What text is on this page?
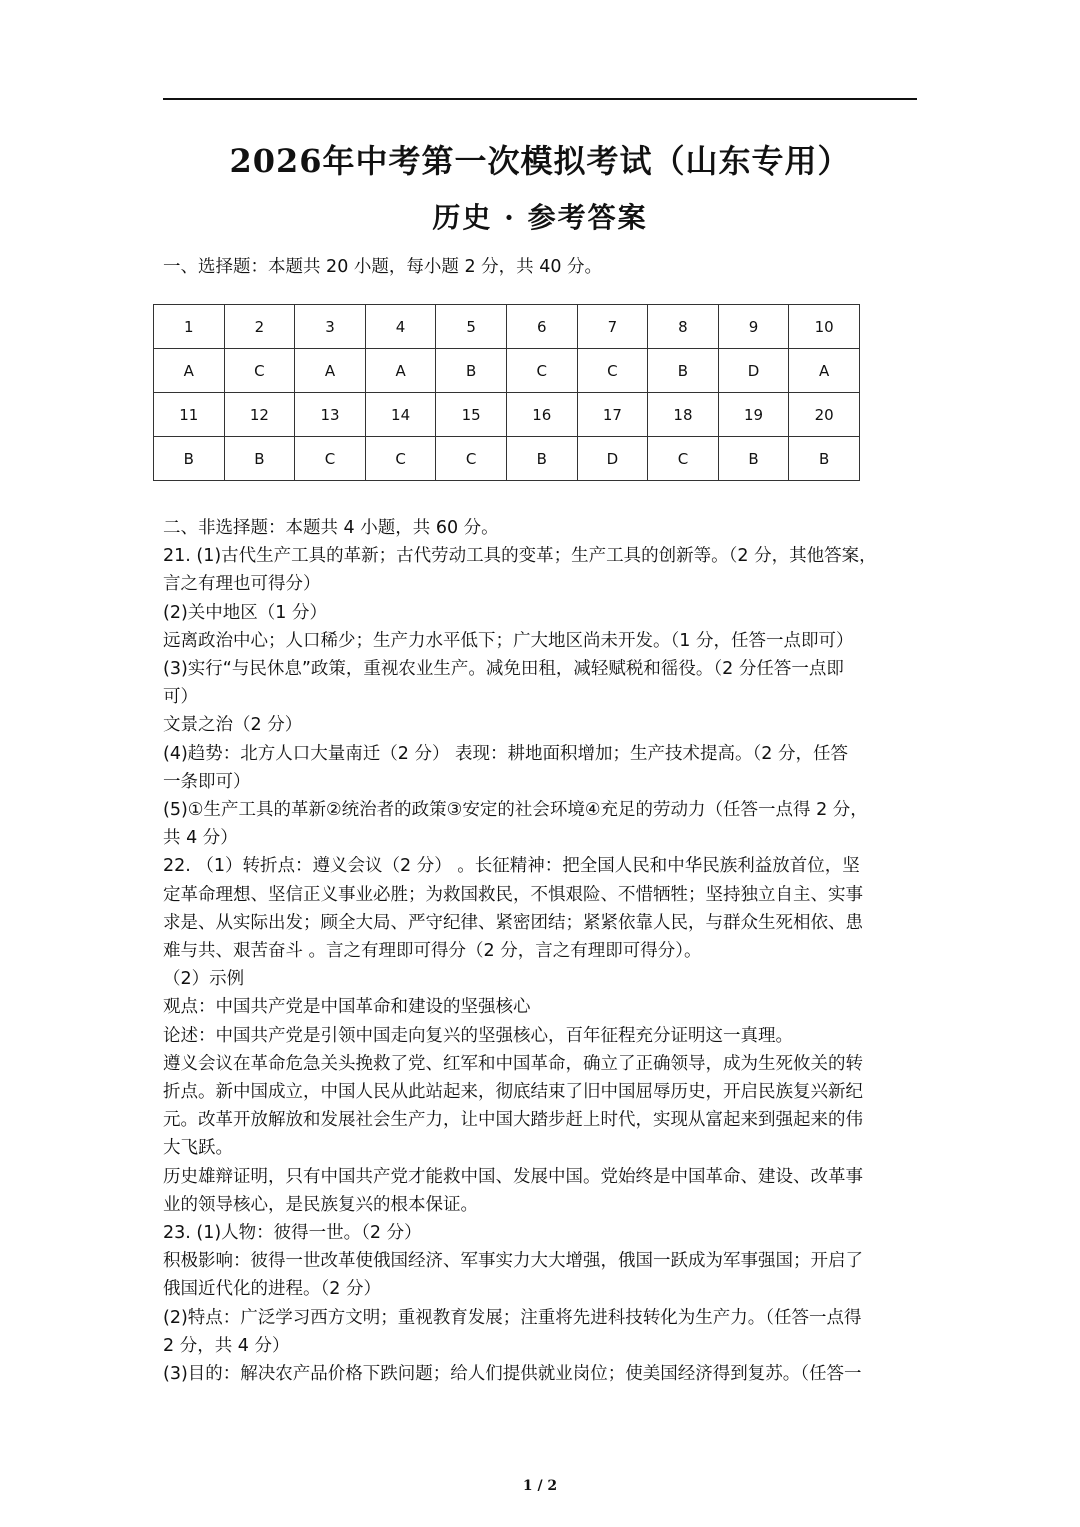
2026年中考第一次模拟考试（山东专用）
历史 · 参考答案
一、选择题：本题共 20 小题，每小题 2 分，共 40 分。
1	2	3	4	5	6	7	8	9	10
A	C	A	A	B	C	C	B	D	A
11	12	13	14	15	16	17	18	19	20
B	B	C	C	C	B	D	C	B	B
二、非选择题：本题共 4 小题，共 60 分。
21. (1)古代生产工具的革新；古代劳动工具的变革；生产工具的创新等。（2 分，其他答案，
言之有理也可得分）
(2)关中地区（1 分）
远离政治中心；人口稀少；生产力水平低下；广大地区尚未开发。（1 分，任答一点即可）
(3)实行“与民休息”政策，重视农业生产。减免田租，减轻赋税和徭役。（2 分任答一点即
可）
文景之治（2 分）
(4)趋势：北方人口大量南迁（2 分） 表现：耕地面积增加；生产技术提高。（2 分，任答
一条即可）
(5)①生产工具的革新②统治者的政策③安定的社会环境④充足的劳动力（任答一点得 2 分，
共 4 分）
22. （1）转折点：遵义会议（2 分） 。长征精神：把全国人民和中华民族利益放首位，坚
定革命理想、坚信正义事业必胜；为救国救民，不惧艰险、不惜牺牲；坚持独立自主、实事
求是、从实际出发；顾全大局、严守纪律、紧密团结；紧紧依靠人民，与群众生死相依、患
难与共、艰苦奋斗 。言之有理即可得分（2 分，言之有理即可得分）。
（2）示例
观点：中国共产党是中国革命和建设的坚强核心
论述：中国共产党是引领中国走向复兴的坚强核心，百年征程充分证明这一真理。
遵义会议在革命危急关头挽救了党、红军和中国革命，确立了正确领导，成为生死攸关的转
折点。新中国成立，中国人民从此站起来，彻底结束了旧中国屈辱历史，开启民族复兴新纪
元。改革开放解放和发展社会生产力，让中国大踏步赶上时代，实现从富起来到强起来的伟
大飞跃。
历史雄辩证明，只有中国共产党才能救中国、发展中国。党始终是中国革命、建设、改革事
业的领导核心，是民族复兴的根本保证。
23. (1)人物：彼得一世。（2 分）
积极影响：彼得一世改革使俄国经济、军事实力大大增强，俄国一跃成为军事强国；开启了
俄国近代化的进程。（2 分）
(2)特点：广泛学习西方文明；重视教育发展；注重将先进科技转化为生产力。（任答一点得
2 分，共 4 分）
(3)目的：解决农产品价格下跌问题；给人们提供就业岗位；使美国经济得到复苏。（任答一
1 / 2
